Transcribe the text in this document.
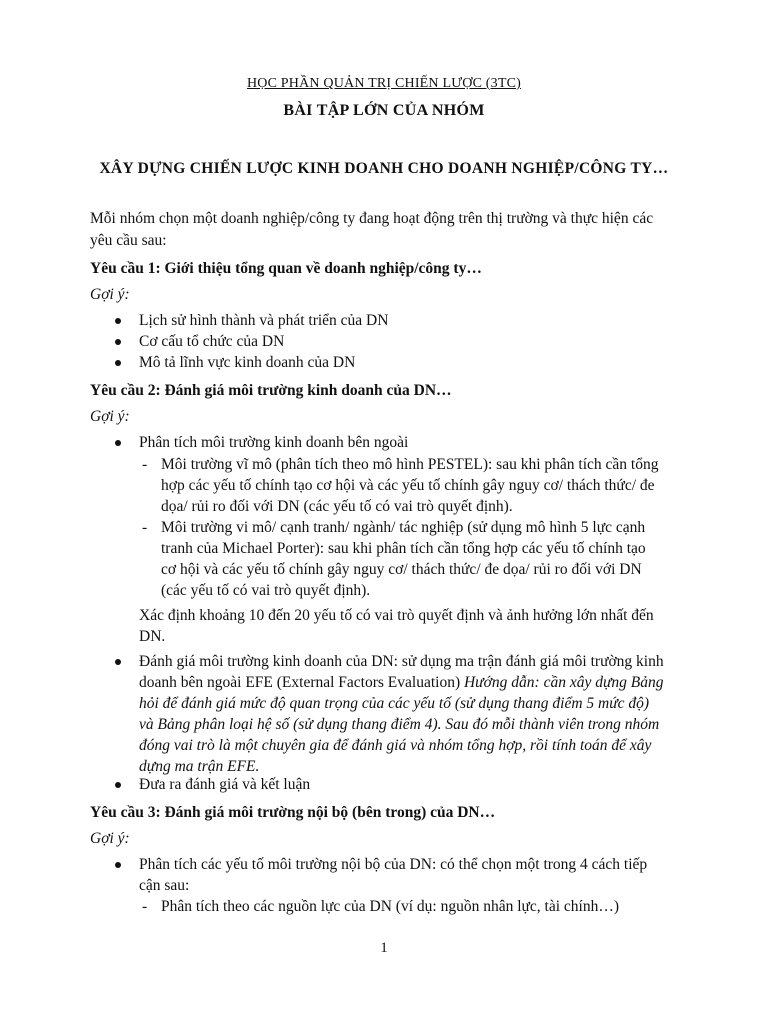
HỌC PHẦN QUẢN TRỊ CHIẾN LƯỢC (3TC)
BÀI TẬP LỚN CỦA NHÓM
XÂY DỰNG CHIẾN LƯỢC KINH DOANH CHO DOANH NGHIỆP/CÔNG TY…
Mỗi nhóm chọn một doanh nghiệp/công ty đang hoạt động trên thị trường và thực hiện các
yêu cầu sau:
Yêu cầu 1: Giới thiệu tổng quan về doanh nghiệp/công ty…
Gợi ý:
Lịch sử hình thành và phát triển của DN
Cơ cấu tổ chức của DN
Mô tả lĩnh vực kinh doanh của DN
Yêu cầu 2: Đánh giá môi trường kinh doanh của DN…
Gợi ý:
Phân tích môi trường kinh doanh bên ngoài
- Môi trường vĩ mô (phân tích theo mô hình PESTEL): sau khi phân tích cần tổng
hợp các yếu tố chính tạo cơ hội và các yếu tố chính gây nguy cơ/ thách thức/ đe
dọa/ rủi ro đối với DN (các yếu tố có vai trò quyết định).
- Môi trường vi mô/ cạnh tranh/ ngành/ tác nghiệp (sử dụng mô hình 5 lực cạnh
tranh của Michael Porter): sau khi phân tích cần tổng hợp các yếu tố chính tạo
cơ hội và các yếu tố chính gây nguy cơ/ thách thức/ đe dọa/ rủi ro đối với DN
(các yếu tố có vai trò quyết định).
Xác định khoảng 10 đến 20 yếu tố có vai trò quyết định và ảnh hưởng lớn nhất đến
DN.
Đánh giá môi trường kinh doanh của DN: sử dụng ma trận đánh giá môi trường kinh
doanh bên ngoài EFE (External Factors Evaluation) Hướng dẫn: cần xây dựng Bảng
hỏi để đánh giá mức độ quan trọng của các yếu tố (sử dụng thang điểm 5 mức độ)
và Bảng phân loại hệ số (sử dụng thang điểm 4). Sau đó mỗi thành viên trong nhóm
đóng vai trò là một chuyên gia để đánh giá và nhóm tổng hợp, rồi tính toán để xây
dựng ma trận EFE.
Đưa ra đánh giá và kết luận
Yêu cầu 3: Đánh giá môi trường nội bộ (bên trong) của DN…
Gợi ý:
Phân tích các yếu tố môi trường nội bộ của DN: có thể chọn một trong 4 cách tiếp
cận sau:
- Phân tích theo các nguồn lực của DN (ví dụ: nguồn nhân lực, tài chính…)
1
